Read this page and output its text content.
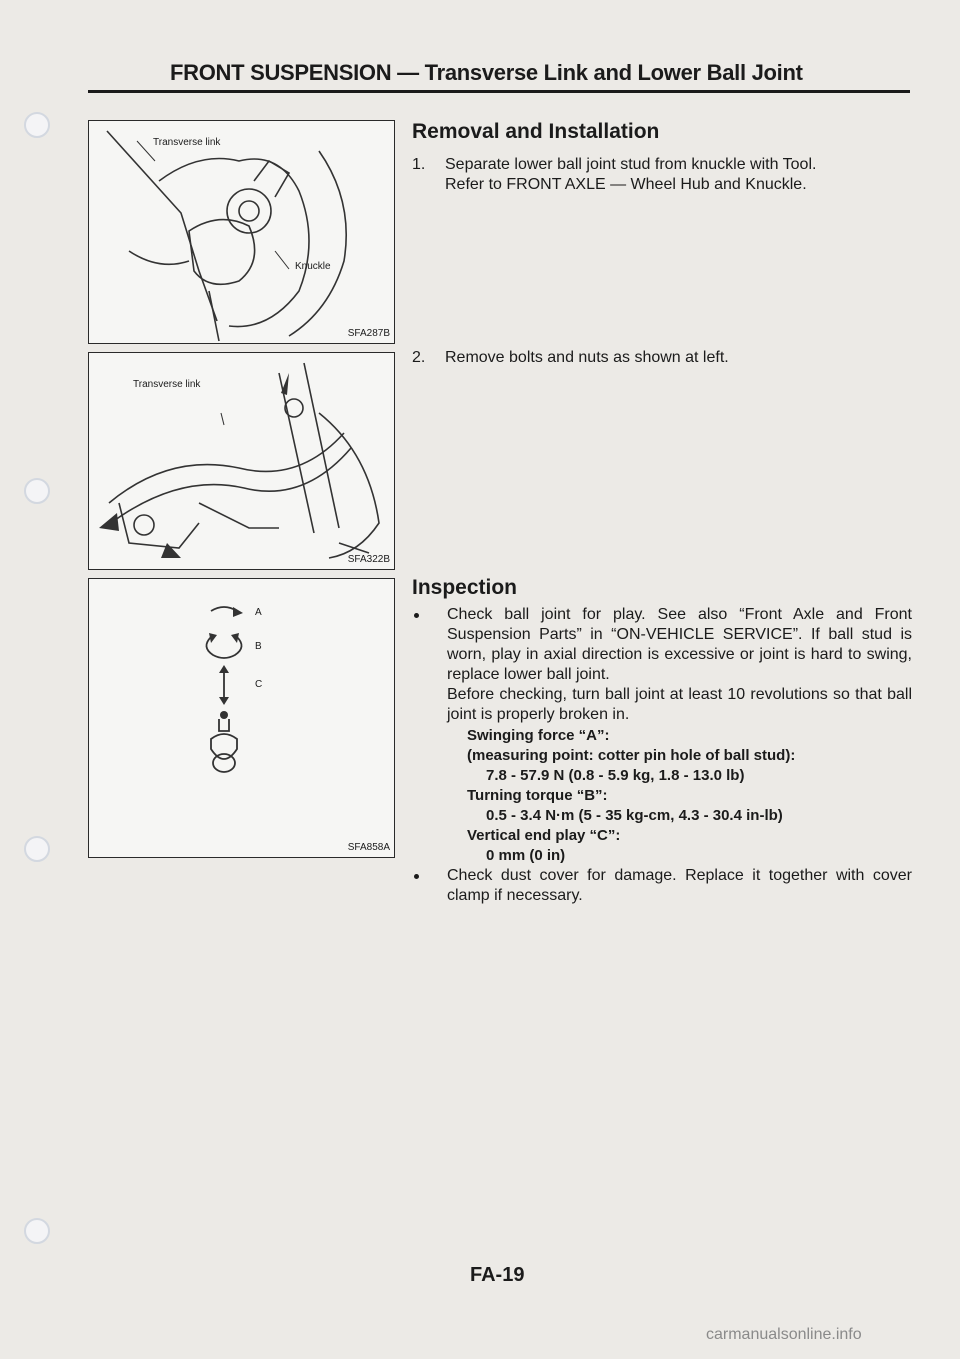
FRONT SUSPENSION — Transverse Link and Lower Ball Joint
Transverse link
Knuckle
SFA287B
Transverse link
SFA322B
A
B
C
SFA858A
Removal and Installation
1. Separate lower ball joint stud from knuckle with Tool.
Refer to FRONT AXLE — Wheel Hub and Knuckle.
2. Remove bolts and nuts as shown at left.
Inspection
Check ball joint for play. See also “Front Axle and Front Suspension Parts” in “ON-VEHICLE SERVICE”. If ball stud is worn, play in axial direction is excessive or joint is hard to swing, replace lower ball joint.
Before checking, turn ball joint at least 10 revolutions so that ball joint is properly broken in.
Swinging force “A”:
(measuring point: cotter pin hole of ball stud):
7.8 - 57.9 N (0.8 - 5.9 kg, 1.8 - 13.0 lb)
Turning torque “B”:
0.5 - 3.4 N·m (5 - 35 kg-cm, 4.3 - 30.4 in-lb)
Vertical end play “C”:
0 mm (0 in)
Check dust cover for damage. Replace it together with cover clamp if necessary.
FA-19
carmanualsonline.info
